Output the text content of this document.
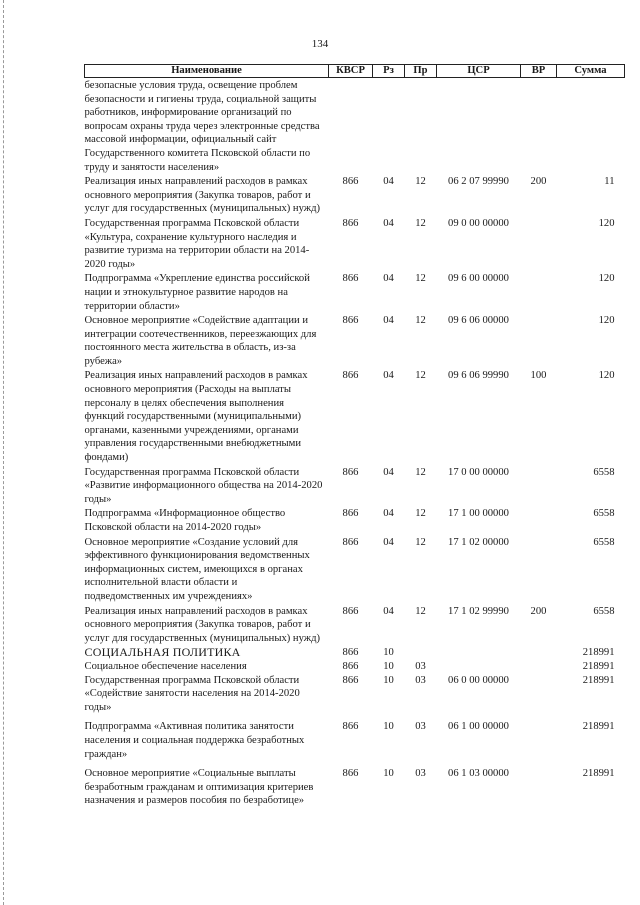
134
Наименование	КВСР	Рз	Пр	ЦСР	ВР	Сумма
безопасные условия труда, освещение проблем безопасности и гигиены труда, социальной защиты работников, информирование организаций по вопросам охраны труда через электронные средства массовой информации, официальный сайт Государственного комитета Псковской области по труду и занятости населения»						
Реализация иных направлений расходов в рамках основного мероприятия (Закупка товаров, работ и услуг для государственных (муниципальных) нужд)	866	04	12	06 2 07 99990	200	11
Государственная программа Псковской области «Культура, сохранение культурного наследия и развитие туризма на территории области на 2014-2020 годы»	866	04	12	09 0 00 00000		120
Подпрограмма «Укрепление единства российской нации и этнокультурное развитие народов на территории области»	866	04	12	09 6 00 00000		120
Основное мероприятие «Содействие адаптации и интеграции соотечественников, переезжающих для постоянного места жительства в область, из-за рубежа»	866	04	12	09 6 06 00000		120
Реализация иных направлений расходов в рамках основного мероприятия (Расходы на выплаты персоналу в целях обеспечения выполнения функций государственными (муниципальными) органами, казенными учреждениями, органами управления государственными внебюджетными фондами)	866	04	12	09 6 06 99990	100	120
Государственная программа Псковской области «Развитие информационного общества на 2014-2020 годы»	866	04	12	17 0 00 00000		6558
Подпрограмма «Информационное общество Псковской области на 2014-2020 годы»	866	04	12	17 1 00 00000		6558
Основное мероприятие «Создание условий для эффективного функционирования ведомственных информационных систем, имеющихся в органах исполнительной власти области и подведомственных им учреждениях»	866	04	12	17 1 02 00000		6558
Реализация иных направлений расходов в рамках основного мероприятия (Закупка товаров, работ и услуг для государственных (муниципальных) нужд)	866	04	12	17 1 02 99990	200	6558
СОЦИАЛЬНАЯ ПОЛИТИКА	866	10				218991
Социальное обеспечение населения	866	10	03			218991
Государственная программа Псковской области «Содействие занятости населения на 2014-2020 годы»	866	10	03	06 0 00 00000		218991
Подпрограмма «Активная политика занятости населения и социальная поддержка безработных граждан»	866	10	03	06 1 00 00000		218991
Основное мероприятие «Социальные выплаты безработным гражданам и оптимизация критериев назначения и размеров пособия по безработице»	866	10	03	06 1 03 00000		218991
